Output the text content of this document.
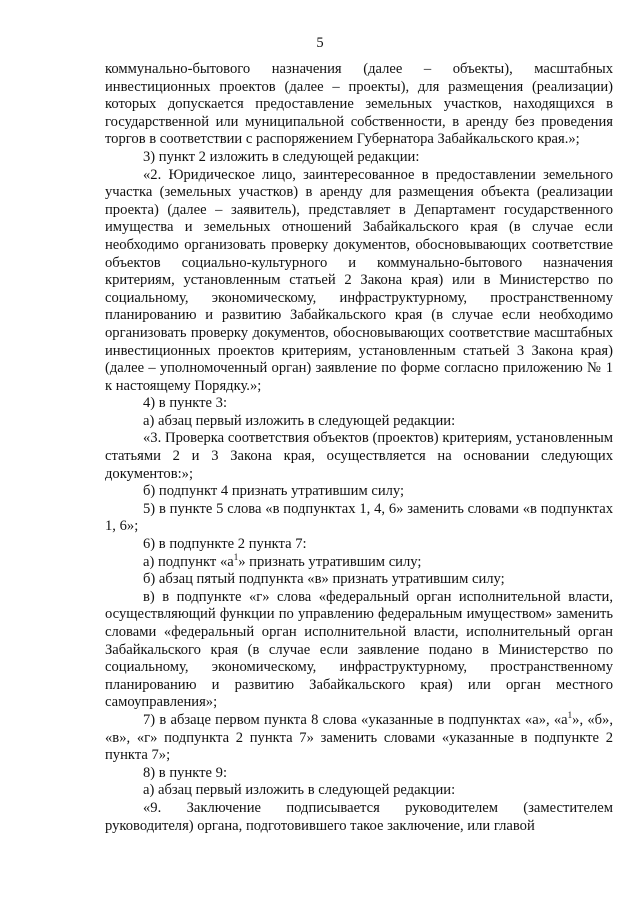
5

коммунально-бытового назначения (далее – объекты), масштабных инвестиционных проектов (далее – проекты), для размещения (реализации) которых допускается предоставление земельных участков, находящихся в государственной или муниципальной собственности, в аренду без проведения торгов в соответствии с распоряжением Губернатора Забайкальского края.»;

3) пункт 2 изложить в следующей редакции:

«2. Юридическое лицо, заинтересованное в предоставлении земельного участка (земельных участков) в аренду для размещения объекта (реализации проекта) (далее – заявитель), представляет в Департамент государственного имущества и земельных отношений Забайкальского края (в случае если необходимо организовать проверку документов, обосновывающих соответствие объектов социально-культурного и коммунально-бытового назначения критериям, установленным статьей 2 Закона края) или в Министерство по социальному, экономическому, инфраструктурному, пространственному планированию и развитию Забайкальского края (в случае если необходимо организовать проверку документов, обосновывающих соответствие масштабных инвестиционных проектов критериям, установленным статьей 3 Закона края) (далее – уполномоченный орган) заявление по форме согласно приложению № 1 к настоящему Порядку.»;

4) в пункте 3:

а) абзац первый изложить в следующей редакции:

«3. Проверка соответствия объектов (проектов) критериям, установленным статьями 2 и 3 Закона края, осуществляется на основании следующих документов:»;

б) подпункт 4 признать утратившим силу;

5) в пункте 5 слова «в подпунктах 1, 4, 6» заменить словами «в подпунктах 1, 6»;

6) в подпункте 2 пункта 7:

а) подпункт «$а^1$» признать утратившим силу;

б) абзац пятый подпункта «в» признать утратившим силу;

в) в подпункте «г» слова «федеральный орган исполнительной власти, осуществляющий функции по управлению федеральным имуществом» заменить словами «федеральный орган исполнительной власти, исполнительный орган Забайкальского края (в случае если заявление подано в Министерство по социальному, экономическому, инфраструктурному, пространственному планированию и развитию Забайкальского края) или орган местного самоуправления»;

7) в абзаце первом пункта 8 слова «указанные в подпунктах «а», «$а^1$», «б», «в», «г» подпункта 2 пункта 7» заменить словами «указанные в подпункте 2 пункта 7»;

8) в пункте 9:

а) абзац первый изложить в следующей редакции:

«9. Заключение подписывается руководителем (заместителем руководителя) органа, подготовившего такое заключение, или главой
